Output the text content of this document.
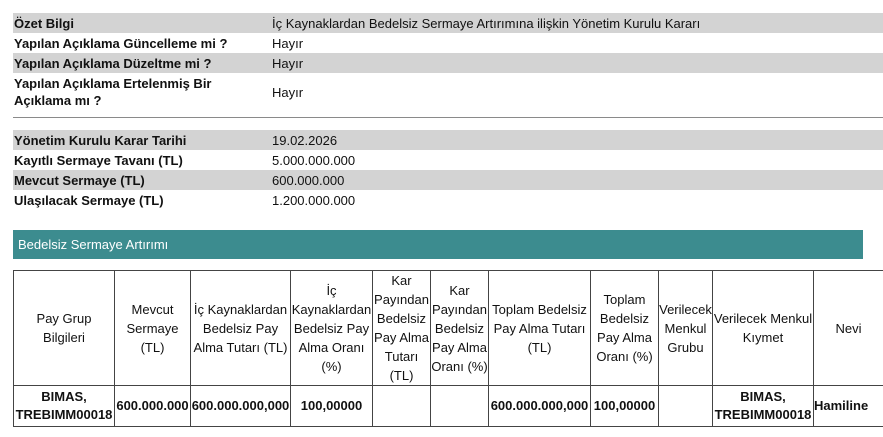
Özet Bilgi	İç Kaynaklardan Bedelsiz Sermaye Artırımına ilişkin Yönetim Kurulu Kararı
Yapılan Açıklama Güncelleme mi ?	Hayır
Yapılan Açıklama Düzeltme mi ?	Hayır
Yapılan Açıklama Ertelenmiş Bir Açıklama mı ?	Hayır
Yönetim Kurulu Karar Tarihi	19.02.2026
Kayıtlı Sermaye Tavanı (TL)	5.000.000.000
Mevcut Sermaye (TL)	600.000.000
Ulaşılacak Sermaye (TL)	1.200.000.000
Bedelsiz Sermaye Artırımı
Pay Grup Bilgileri	Mevcut Sermaye (TL)	İç Kaynaklardan Bedelsiz Pay Alma Tutarı (TL)	İç Kaynaklardan Bedelsiz Pay Alma Oranı (%)	Kar Payından Bedelsiz Pay Alma Tutarı (TL)	Kar Payından Bedelsiz Pay Alma Oranı (%)	Toplam Bedelsiz Pay Alma Tutarı (TL)	Toplam Bedelsiz Pay Alma Oranı (%)	Verilecek Menkul Grubu	Verilecek Menkul Kıymet	Nevi
BIMAS, TREBIMM00018	600.000.000	600.000.000,000	100,00000			600.000.000,000	100,00000		BIMAS, TREBIMM00018	Hamiline
